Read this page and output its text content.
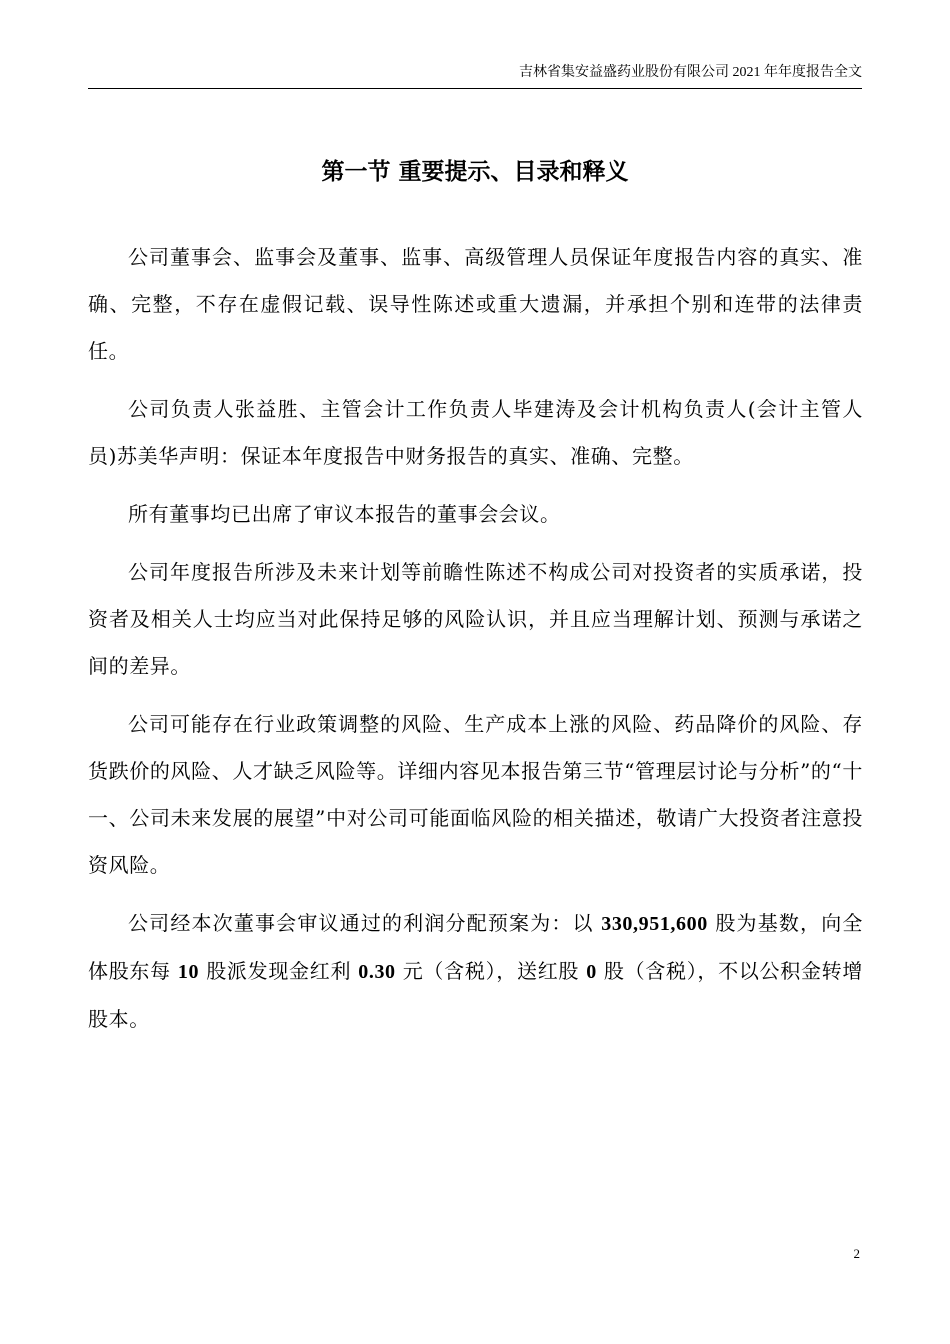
吉林省集安益盛药业股份有限公司 2021 年年度报告全文
第一节 重要提示、目录和释义

公司董事会、监事会及董事、监事、高级管理人员保证年度报告内容的真实、准确、完整，不存在虚假记载、误导性陈述或重大遗漏，并承担个别和连带的法律责任。

公司负责人张益胜、主管会计工作负责人毕建涛及会计机构负责人(会计主管人员)苏美华声明：保证本年度报告中财务报告的真实、准确、完整。

所有董事均已出席了审议本报告的董事会会议。

公司年度报告所涉及未来计划等前瞻性陈述不构成公司对投资者的实质承诺，投资者及相关人士均应当对此保持足够的风险认识，并且应当理解计划、预测与承诺之间的差异。

公司可能存在行业政策调整的风险、生产成本上涨的风险、药品降价的风险、存货跌价的风险、人才缺乏风险等。详细内容见本报告第三节“管理层讨论与分析”的“十一、公司未来发展的展望”中对公司可能面临风险的相关描述，敬请广大投资者注意投资风险。

公司经本次董事会审议通过的利润分配预案为：以 330,951,600 股为基数，向全体股东每 10 股派发现金红利 0.30 元（含税），送红股 0 股（含税），不以公积金转增股本。

2
